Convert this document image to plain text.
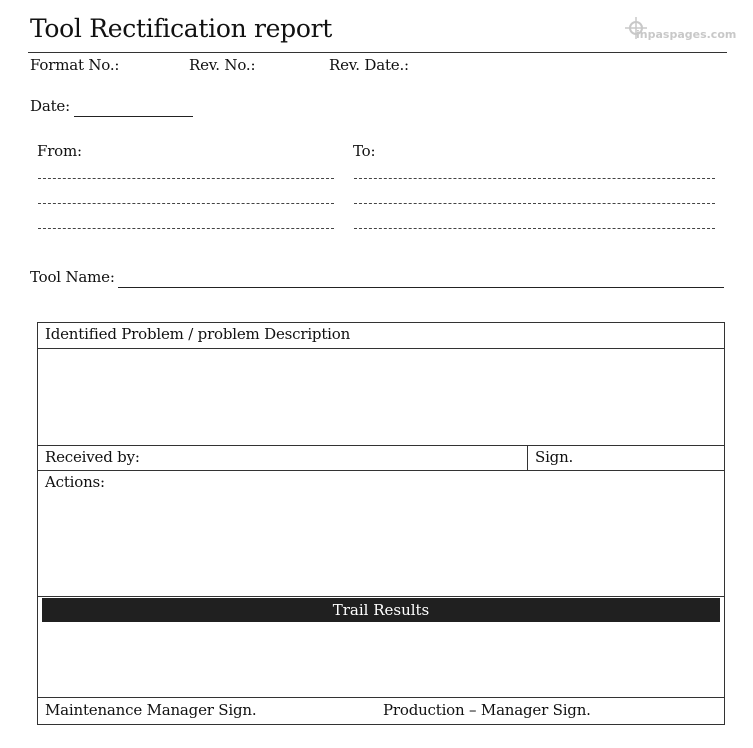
Tool Rectification report	inpaspages.com
Format No.:	Rev. No.:	Rev. Date.:
Date:
From:	To:
Tool Name:
Identified Problem / problem Description
Received by:	Sign.
Actions:
Trail Results
Maintenance Manager Sign.	Production – Manager Sign.
